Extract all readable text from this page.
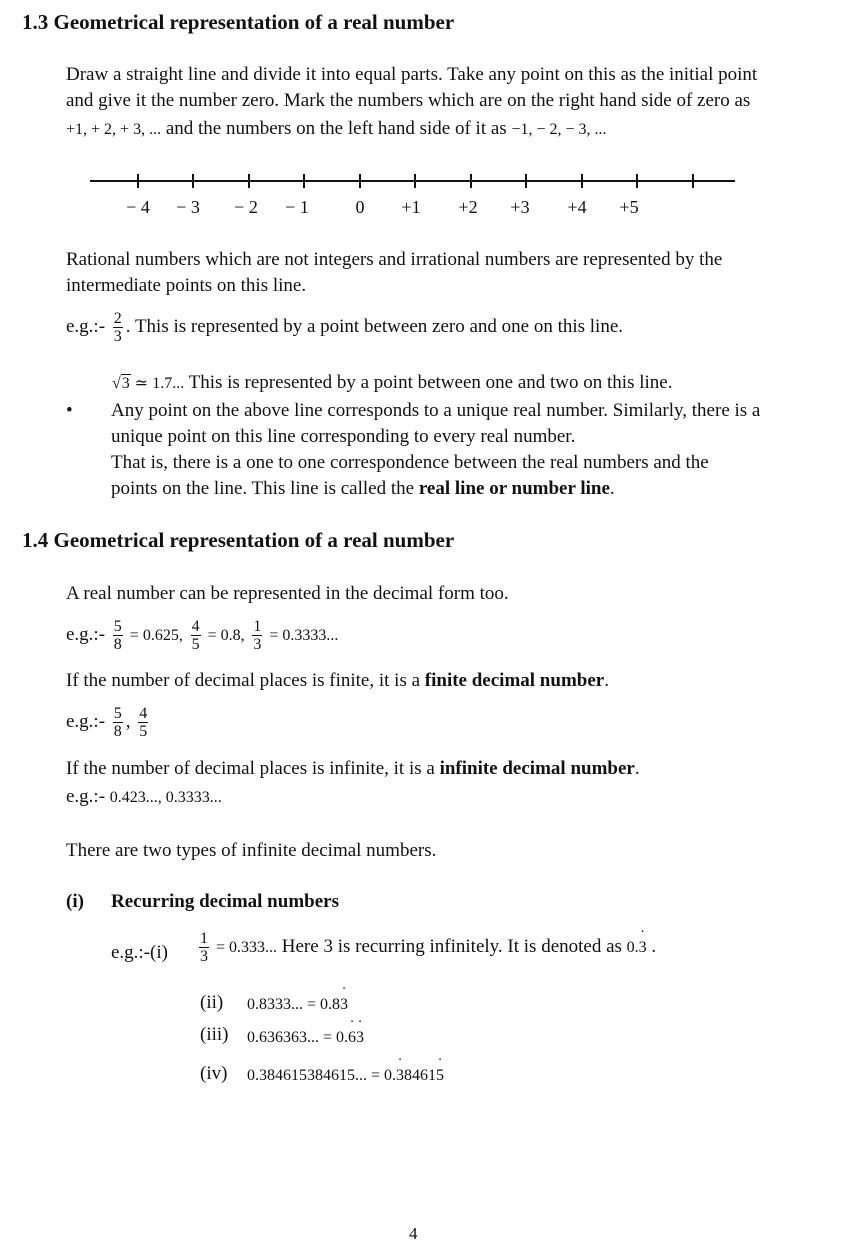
1.3 Geometrical representation of a real number
Draw a straight line and divide it into equal parts. Take any point on this as the initial point
and give it the number zero. Mark the numbers which are on the right hand side of zero as
+1, + 2, + 3, ... and the numbers on the left hand side of it as −1, − 2, − 3, ...
− 4 − 3 − 2 − 1	0 +1 +2 +3 +4 +5
Rational numbers which are not integers and irrational numbers are represented by the
intermediate points on this line.
e.g.:- $\frac{2}{3}$ . This is represented by a point between zero and one on this line.
√3 ≃ 1.7... This is represented by a point between one and two on this line.
• Any point on the above line corresponds to a unique real number. Similarly, there is a
unique point on this line corresponding to every real number.
That is, there is a one to one correspondence between the real numbers and the
points on the line. This line is called the real line or number line.
1.4 Geometrical representation of a real number
A real number can be represented in the decimal form too.
e.g.:- $\frac{5}{8} = 0.625$, $\frac{4}{5} = 0.8$, $\frac{1}{3} = 0.3333$...
If the number of decimal places is finite, it is a finite decimal number.
e.g.:- $\frac{5}{8}$ , $\frac{4}{5}$
If the number of decimal places is infinite, it is a infinite decimal number.
e.g.:- 0.423..., 0.3333...
There are two types of infinite decimal numbers.
(i) Recurring decimal numbers
e.g.:-(i) $\frac{1}{3} = 0.333$... Here 3 is recurring infinitely. It is denoted as 0.3 ˙ .
(ii) 0.8333... = 0.83 ˙
(iii) 0.636363... = 0.6 ˙3 ˙
(iv) 0.384615384615... = 0.3 ˙84615 ˙
4
